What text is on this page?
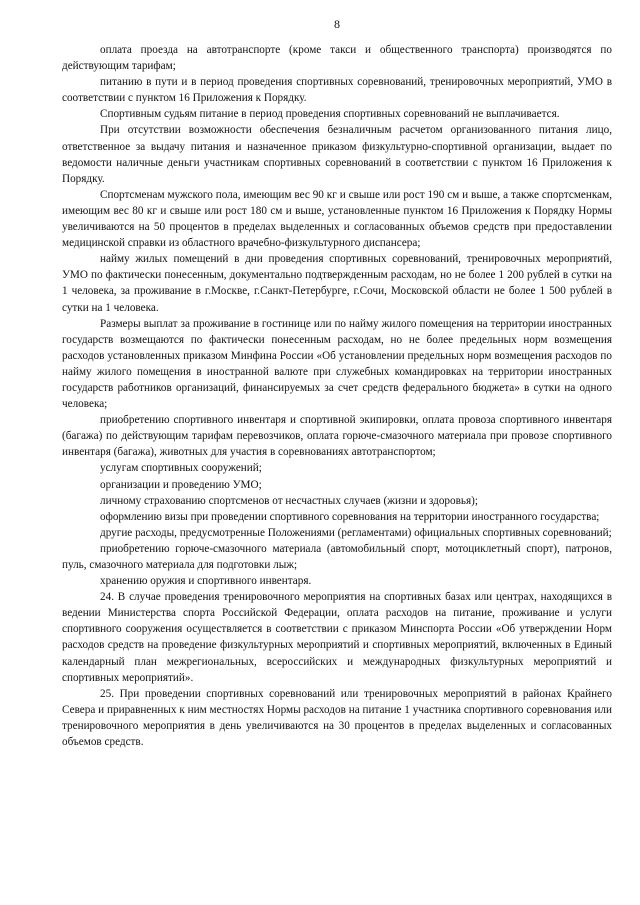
8

оплата проезда на автотранспорте (кроме такси и общественного транспорта) производятся по действующим тарифам;

питанию в пути и в период проведения спортивных соревнований, тренировочных мероприятий, УМО в соответствии с пунктом 16 Приложения к Порядку.

Спортивным судьям питание в период проведения спортивных соревнований не выплачивается.

При отсутствии возможности обеспечения безналичным расчетом организованного питания лицо, ответственное за выдачу питания и назначенное приказом физкультурно-спортивной организации, выдает по ведомости наличные деньги участникам спортивных соревнований в соответствии с пунктом 16 Приложения к Порядку.

Спортсменам мужского пола, имеющим вес 90 кг и свыше или рост 190 см и выше, а также спортсменкам, имеющим вес 80 кг и свыше или рост 180 см и выше, установленные пунктом 16 Приложения к Порядку Нормы увеличиваются на 50 процентов в пределах выделенных и согласованных объемов средств при предоставлении медицинской справки из областного врачебно-физкультурного диспансера;

найму жилых помещений в дни проведения спортивных соревнований, тренировочных мероприятий, УМО по фактически понесенным, документально подтвержденным расходам, но не более 1 200 рублей в сутки на 1 человека, за проживание в г.Москве, г.Санкт-Петербурге, г.Сочи, Московской области не более 1 500 рублей в сутки на 1 человека.

Размеры выплат за проживание в гостинице или по найму жилого помещения на территории иностранных государств возмещаются по фактически понесенным расходам, но не более предельных норм возмещения расходов установленных приказом Минфина России «Об установлении предельных норм возмещения расходов по найму жилого помещения в иностранной валюте при служебных командировках на территории иностранных государств работников организаций, финансируемых за счет средств федерального бюджета» в сутки на одного человека;

приобретению спортивного инвентаря и спортивной экипировки, оплата провоза спортивного инвентаря (багажа) по действующим тарифам перевозчиков, оплата горюче-смазочного материала при провозе спортивного инвентаря (багажа), животных для участия в соревнованиях автотранспортом;

услугам спортивных сооружений;

организации и проведению УМО;

личному страхованию спортсменов от несчастных случаев (жизни и здоровья);

оформлению визы при проведении спортивного соревнования на территории иностранного государства;

другие расходы, предусмотренные Положениями (регламентами) официальных спортивных соревнований;

приобретению горюче-смазочного материала (автомобильный спорт, мотоциклетный спорт), патронов, пуль, смазочного материала для подготовки лыж;

хранению оружия и спортивного инвентаря.

24. В случае проведения тренировочного мероприятия на спортивных базах или центрах, находящихся в ведении Министерства спорта Российской Федерации, оплата расходов на питание, проживание и услуги спортивного сооружения осуществляется в соответствии с приказом Минспорта России «Об утверждении Норм расходов средств на проведение физкультурных мероприятий и спортивных мероприятий, включенных в Единый календарный план межрегиональных, всероссийских и международных физкультурных мероприятий и спортивных мероприятий».

25. При проведении спортивных соревнований или тренировочных мероприятий в районах Крайнего Севера и приравненных к ним местностях Нормы расходов на питание 1 участника спортивного соревнования или тренировочного мероприятия в день увеличиваются на 30 процентов в пределах выделенных и согласованных объемов средств.
